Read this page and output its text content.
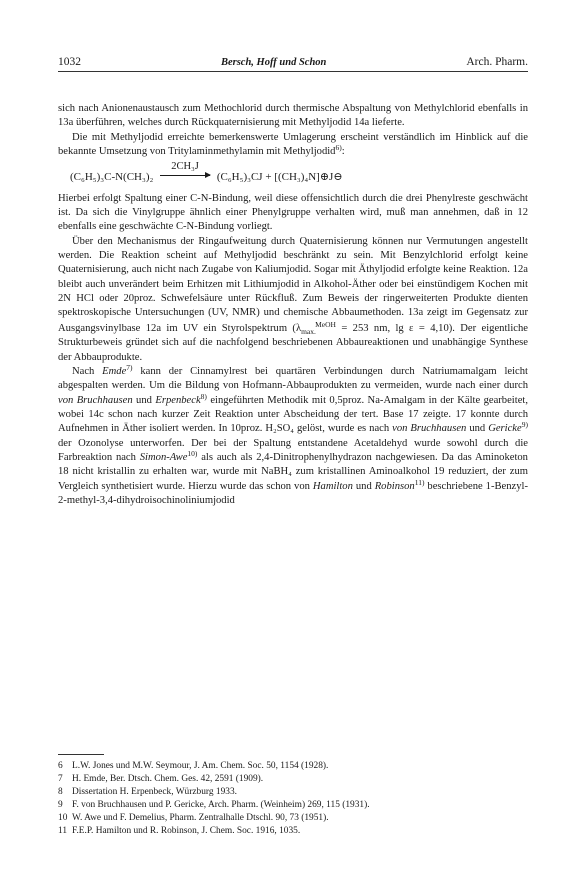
1032	Bersch, Hoff und Schon	Arch. Pharm.

sich nach Anionenaustausch zum Methochlorid durch thermische Abspaltung von Methylchlorid ebenfalls in 13a überführen, welches durch Rückquaternisierung mit Methyljodid 14a lieferte.

Die mit Methyljodid erreichte bemerkenswerte Umlagerung erscheint verständlich im Hinblick auf die bekannte Umsetzung von Tritylaminmethylamin mit Methyljodid$^{6)}$:

(C₆H₅)₃C-N(CH₃)₂
2CH₃J
(C₆H₅)₃CJ + [(CH₃)₄N]⊕J⊖

Hierbei erfolgt Spaltung einer C-N-Bindung, weil diese offensichtlich durch die drei Phenylreste geschwächt ist. Da sich die Vinylgruppe ähnlich einer Phenylgruppe verhalten wird, muß man annehmen, daß in 12 ebenfalls eine geschwächte C-N-Bindung vorliegt.

Über den Mechanismus der Ringaufweitung durch Quaternisierung können nur Vermutungen angestellt werden. Die Reaktion scheint auf Methyljodid beschränkt zu sein. Mit Benzylchlorid erfolgt keine Quaternisierung, auch nicht nach Zugabe von Kaliumjodid. Sogar mit Äthyljodid erfolgte keine Reaktion. 12a bleibt auch unverändert beim Erhitzen mit Lithiumjodid in Alkohol-Äther oder bei einstündigem Kochen mit 2N HCl oder 20proz. Schwefelsäure unter Rückfluß. Zum Beweis der ringerweiterten Produkte dienten spektroskopische Untersuchungen (UV, NMR) und chemische Abbaumethoden. 13a zeigt im Gegensatz zur Ausgangsvinylbase 12a im UV ein Styrolspektrum (λ MeOH
max. = 253 nm, lg ε = 4,10). Der eigentliche Strukturbeweis gründet sich auf die nachfolgend beschriebenen Abbaureaktionen und unabhängige Synthese der Abbauprodukte.

Nach Emde$^{7)}$ kann der Cinnamylrest bei quartären Verbindungen durch Natriumamalgam leicht abgespalten werden. Um die Bildung von Hofmann-Abbauprodukten zu vermeiden, wurde nach einer durch von Bruchhausen und Erpenbeck$^{8)}$ eingeführten Methodik mit 0,5proz. Na-Amalgam in der Kälte gearbeitet, wobei 14c schon nach kurzer Zeit Reaktion unter Abscheidung der tert. Base 17 zeigte. 17 konnte durch Aufnehmen in Äther isoliert werden. In 10proz. H₂SO₄ gelöst, wurde es nach von Bruchhausen und Gericke$^{9)}$ der Ozonolyse unterworfen. Der bei der Spaltung entstandene Acetaldehyd wurde sowohl durch die Farbreaktion nach Simon-Awe$^{10)}$ als auch als 2,4-Dinitrophenylhydrazon nachgewiesen. Da das Aminoketon 18 nicht kristallin zu erhalten war, wurde mit NaBH₄ zum kristallinen Aminoalkohol 19 reduziert, der zum Vergleich synthetisiert wurde. Hierzu wurde das schon von Hamilton und Robinson$^{11)}$ beschriebene 1-Benzyl-2-methyl-3,4-dihydroisochinoliniumjodid

6 L.W. Jones und M.W. Seymour, J. Am. Chem. Soc. 50, 1154 (1928).
7 H. Emde, Ber. Dtsch. Chem. Ges. 42, 2591 (1909).
8 Dissertation H. Erpenbeck, Würzburg 1933.
9 F. von Bruchhausen und P. Gericke, Arch. Pharm. (Weinheim) 269, 115 (1931).
10 W. Awe und F. Demelius, Pharm. Zentralhalle Dtschl. 90, 73 (1951).
11 F.E.P. Hamilton und R. Robinson, J. Chem. Soc. 1916, 1035.
